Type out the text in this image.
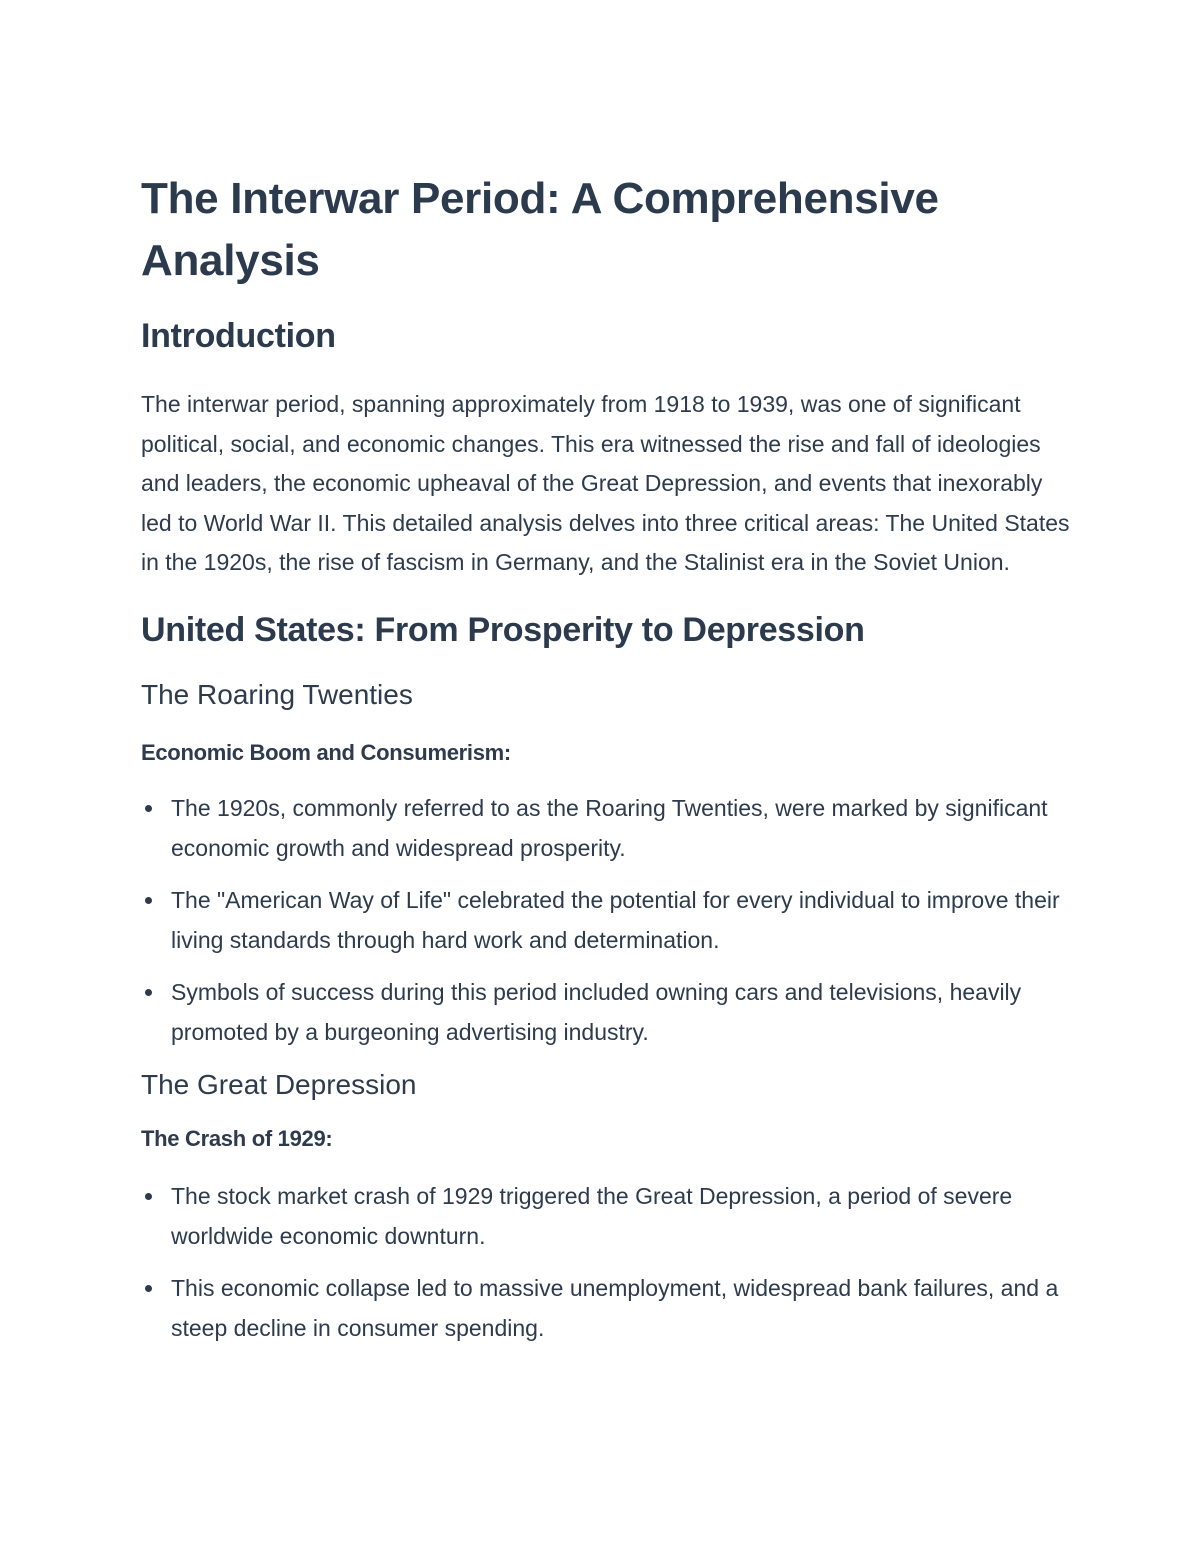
The Interwar Period: A Comprehensive Analysis
Introduction

The interwar period, spanning approximately from 1918 to 1939, was one of significant political, social, and economic changes. This era witnessed the rise and fall of ideologies and leaders, the economic upheaval of the Great Depression, and events that inexorably led to World War II. This detailed analysis delves into three critical areas: The United States in the 1920s, the rise of fascism in Germany, and the Stalinist era in the Soviet Union.

United States: From Prosperity to Depression
The Roaring Twenties
Economic Boom and Consumerism:
The 1920s, commonly referred to as the Roaring Twenties, were marked by significant economic growth and widespread prosperity.
The "American Way of Life" celebrated the potential for every individual to improve their living standards through hard work and determination.
Symbols of success during this period included owning cars and televisions, heavily promoted by a burgeoning advertising industry.
The Great Depression
The Crash of 1929:
The stock market crash of 1929 triggered the Great Depression, a period of severe worldwide economic downturn.
This economic collapse led to massive unemployment, widespread bank failures, and a steep decline in consumer spending.
